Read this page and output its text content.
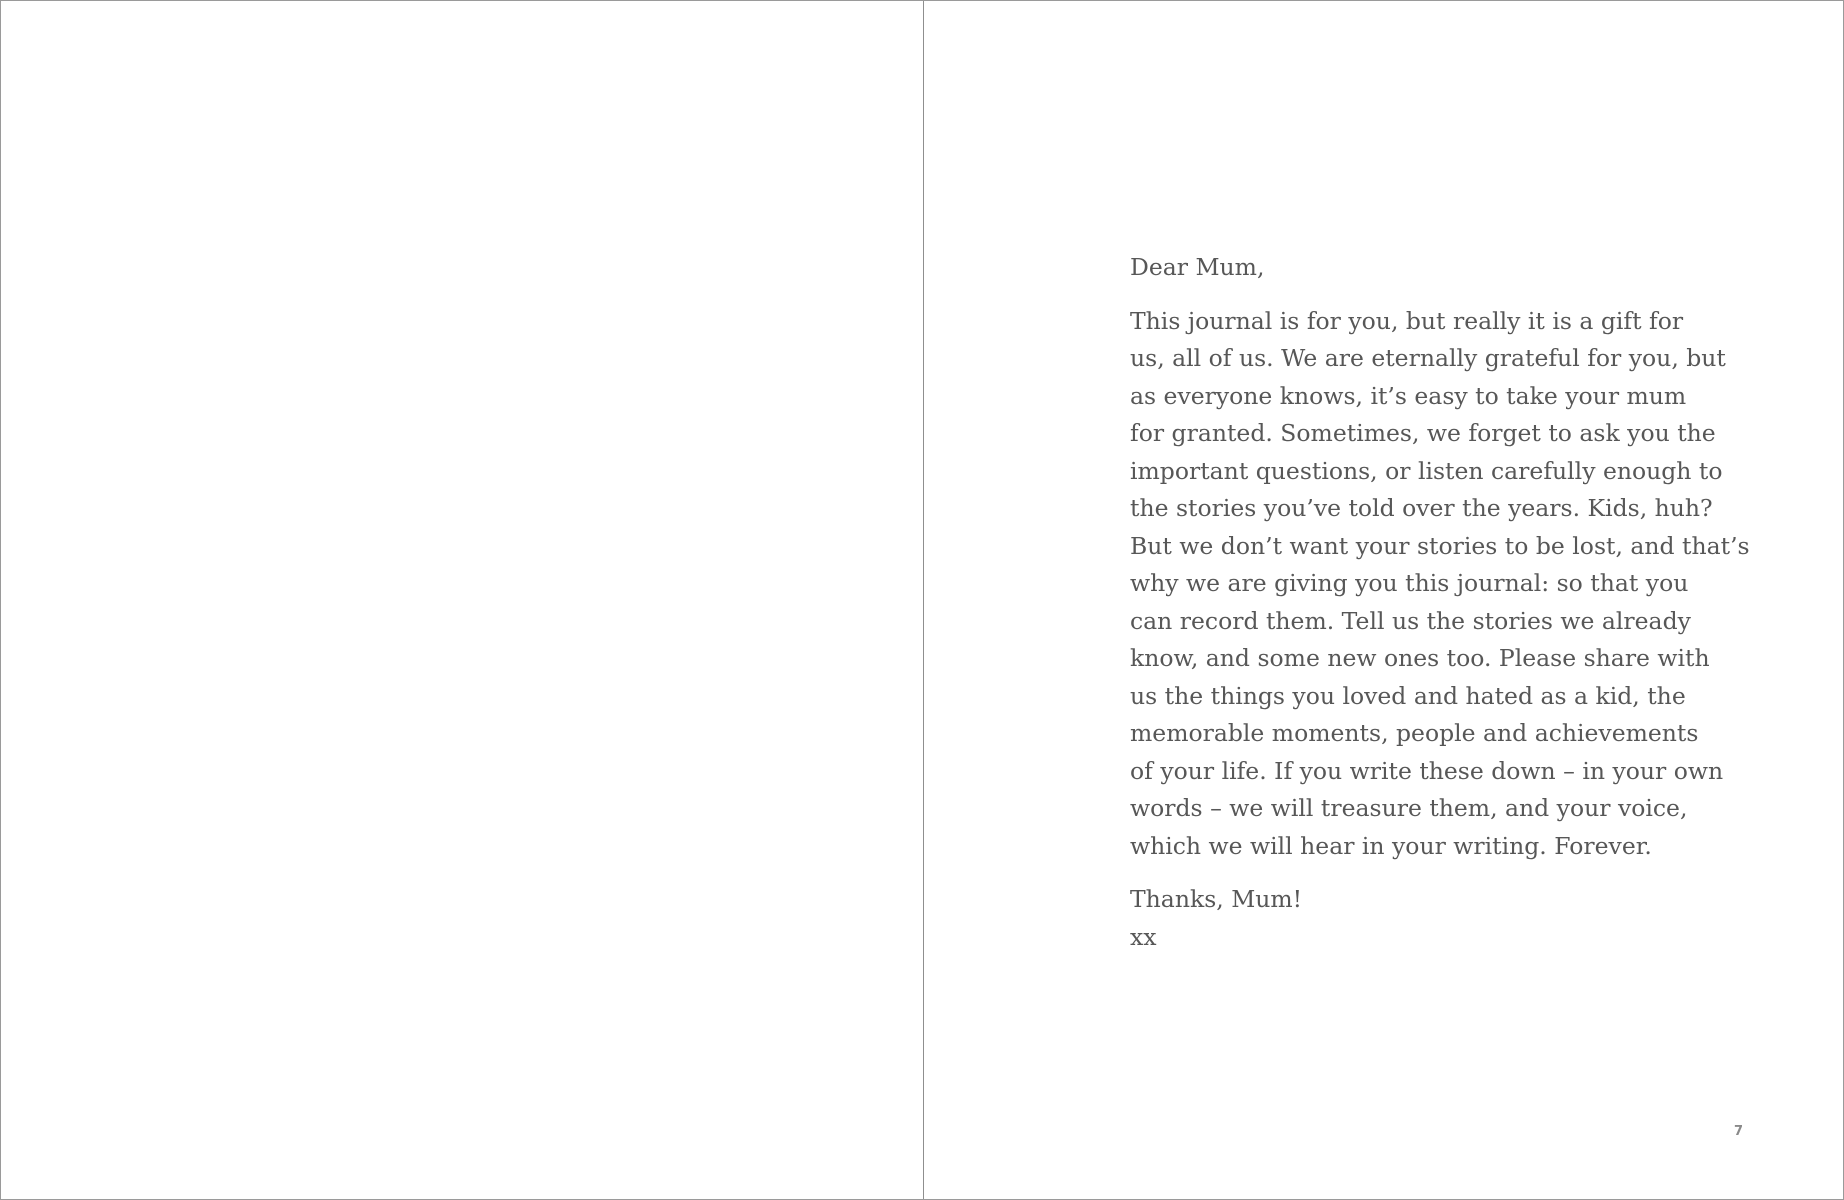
Dear Mum,

This journal is for you, but really it is a gift for
us, all of us. We are eternally grateful for you, but
as everyone knows, it’s easy to take your mum
for granted. Sometimes, we forget to ask you the
important questions, or listen carefully enough to
the stories you’ve told over the years. Kids, huh?
But we don’t want your stories to be lost, and that’s
why we are giving you this journal: so that you
can record them. Tell us the stories we already
know, and some new ones too. Please share with
us the things you loved and hated as a kid, the
memorable moments, people and achievements
of your life. If you write these down – in your own
words – we will treasure them, and your voice,
which we will hear in your writing. Forever.

Thanks, Mum!
xx

7
